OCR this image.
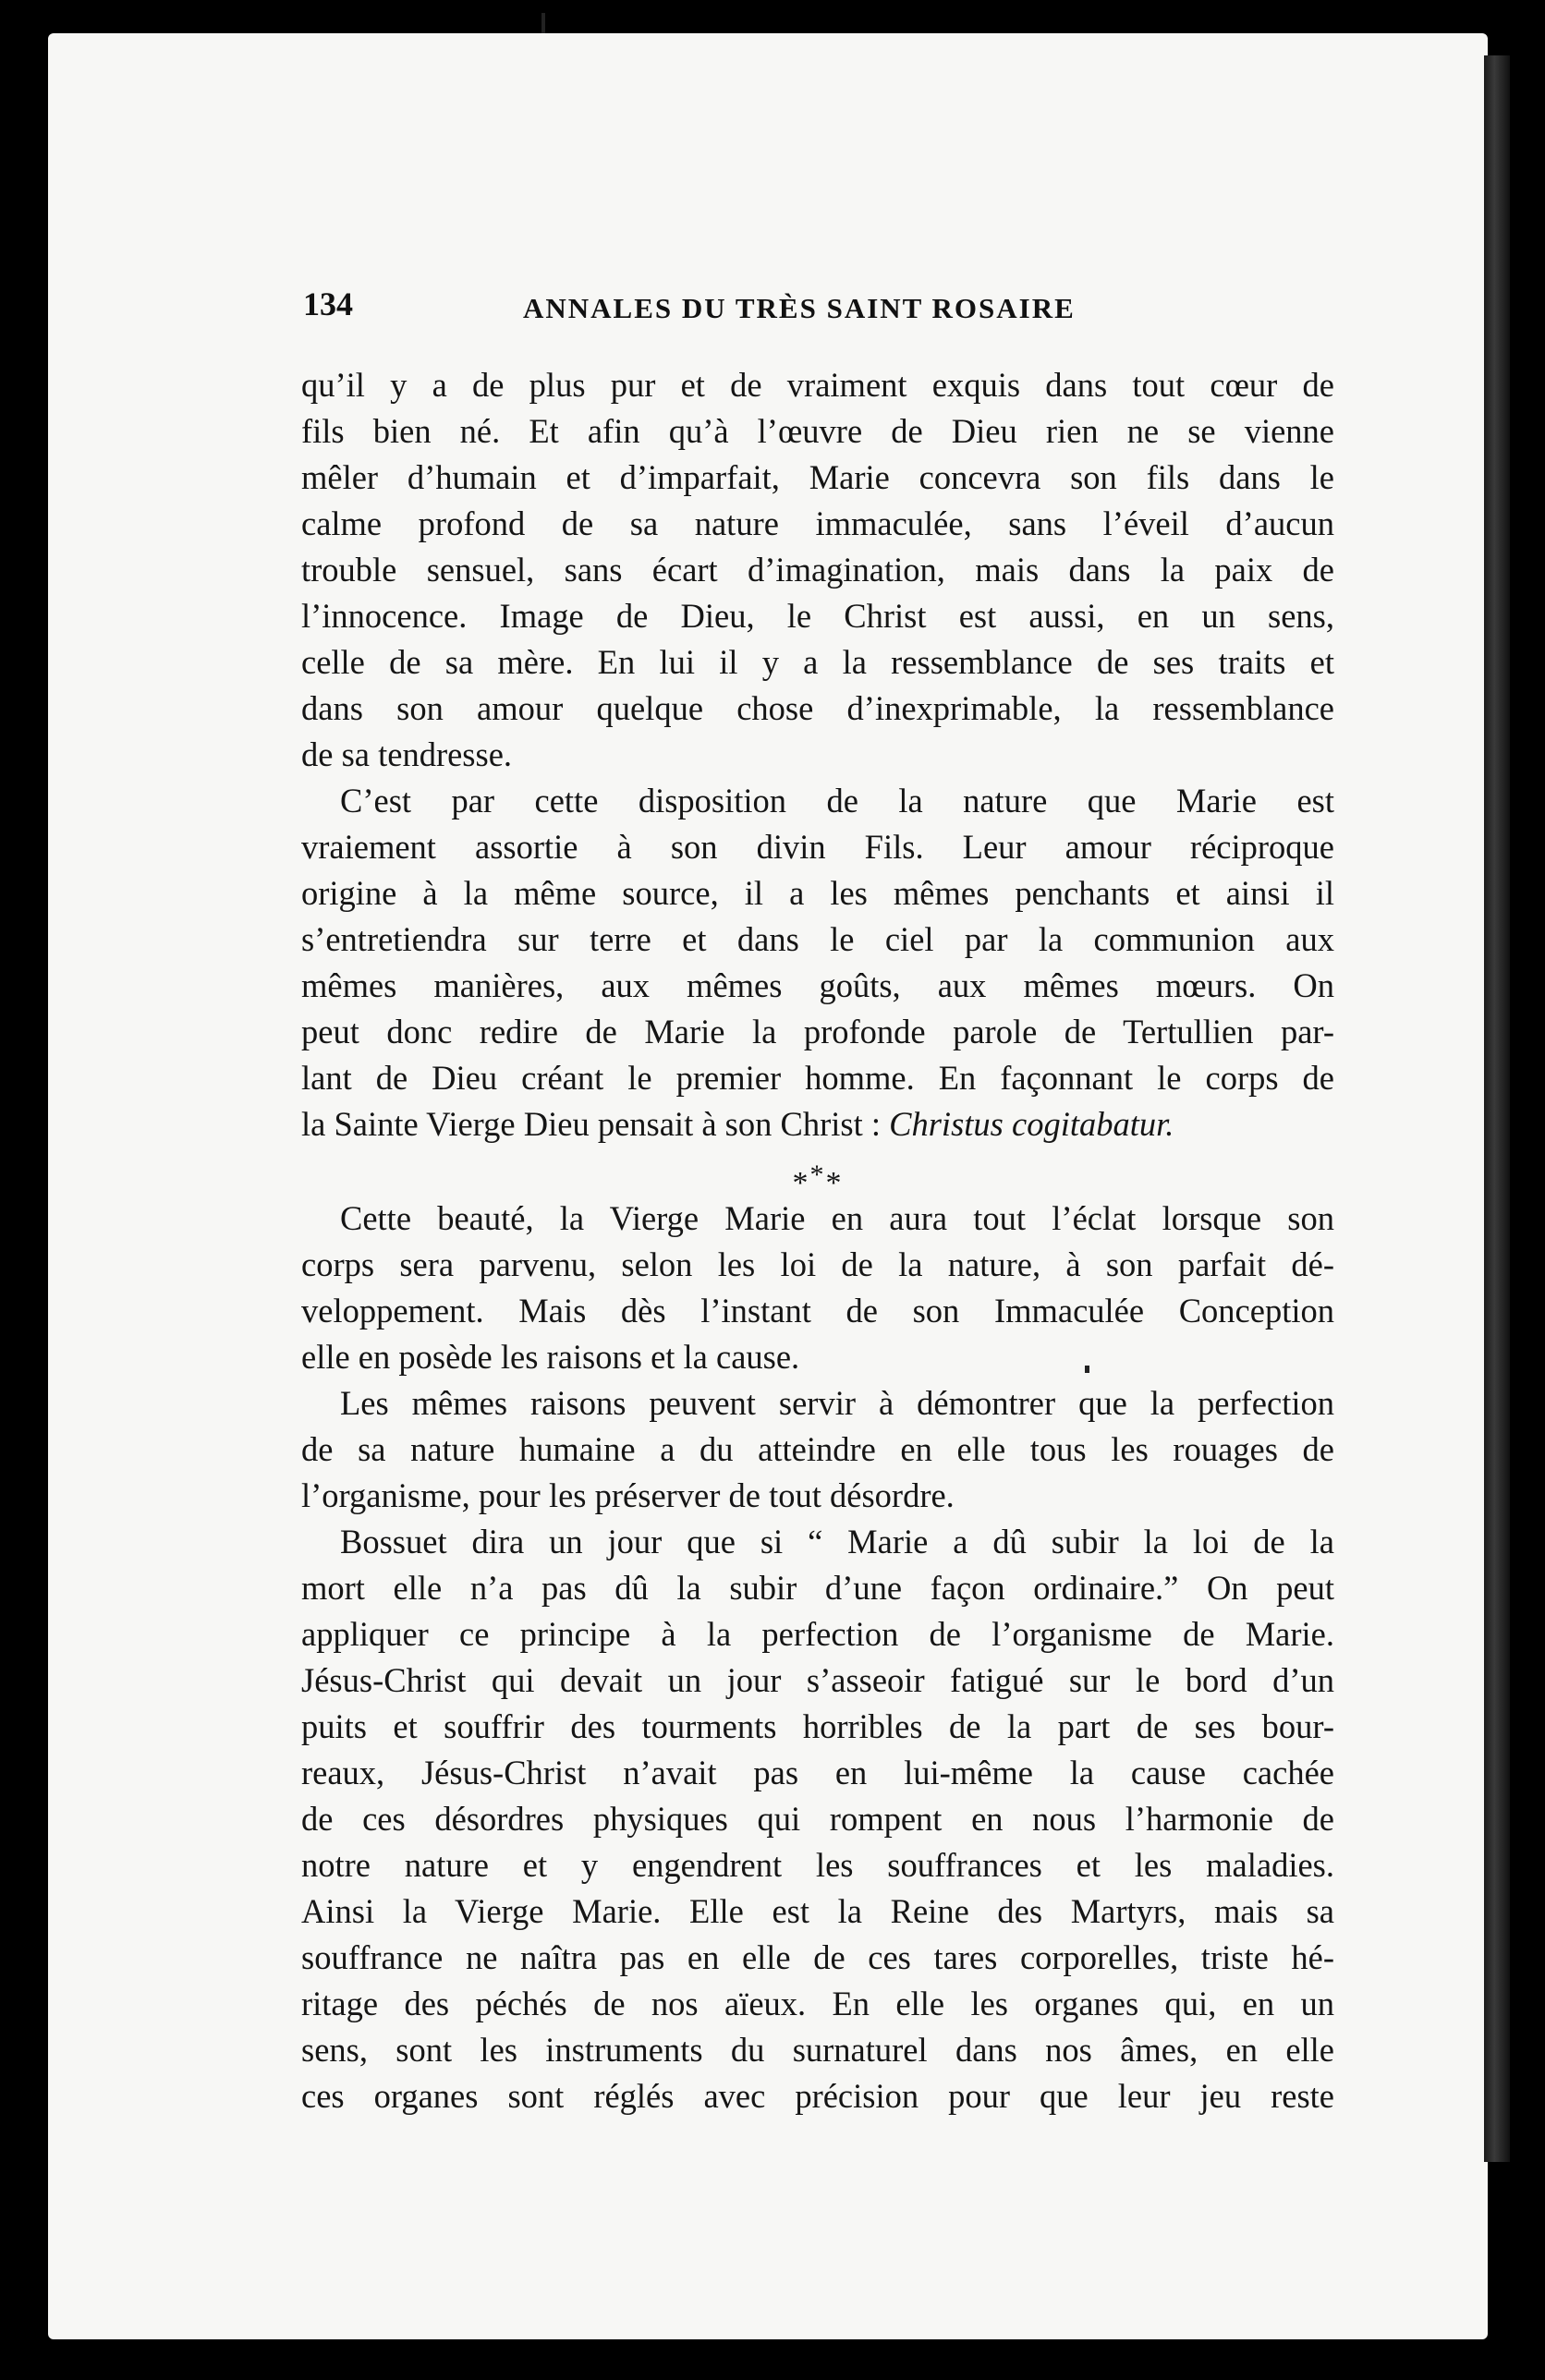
134	ANNALES DU TRÈS SAINT ROSAIRE
qu’il y a de plus pur et de vraiment exquis dans tout cœur de
fils bien né. Et afin qu’à l’œuvre de Dieu rien ne se vienne
mêler d’humain et d’imparfait, Marie concevra son fils dans le
calme profond de sa nature immaculée, sans l’éveil d’aucun
trouble sensuel, sans écart d’imagination, mais dans la paix de
l’innocence. Image de Dieu, le Christ est aussi, en un sens,
celle de sa mère. En lui il y a la ressemblance de ses traits et
dans son amour quelque chose d’inexprimable, la ressemblance
de sa tendresse.
C’est par cette disposition de la nature que Marie est
vraiement assortie à son divin Fils. Leur amour réciproque
origine à la même source, il a les mêmes penchants et ainsi il
s’entretiendra sur terre et dans le ciel par la communion aux
mêmes manières, aux mêmes goûts, aux mêmes mœurs. On
peut donc redire de Marie la profonde parole de Tertullien par-
lant de Dieu créant le premier homme. En façonnant le corps de
la Sainte Vierge Dieu pensait à son Christ : Christus cogitabatur.
***
Cette beauté, la Vierge Marie en aura tout l’éclat lorsque son
corps sera parvenu, selon les loi de la nature, à son parfait dé-
veloppement. Mais dès l’instant de son Immaculée Conception
elle en posède les raisons et la cause.
Les mêmes raisons peuvent servir à démontrer que la perfection
de sa nature humaine a du atteindre en elle tous les rouages de
l’organisme, pour les préserver de tout désordre.
Bossuet dira un jour que si “ Marie a dû subir la loi de la
mort elle n’a pas dû la subir d’une façon ordinaire.” On peut
appliquer ce principe à la perfection de l’organisme de Marie.
Jésus-Christ qui devait un jour s’asseoir fatigué sur le bord d’un
puits et souffrir des tourments horribles de la part de ses bour-
reaux, Jésus-Christ n’avait pas en lui-même la cause cachée
de ces désordres physiques qui rompent en nous l’harmonie de
notre nature et y engendrent les souffrances et les maladies.
Ainsi la Vierge Marie. Elle est la Reine des Martyrs, mais sa
souffrance ne naîtra pas en elle de ces tares corporelles, triste hé-
ritage des péchés de nos aïeux. En elle les organes qui, en un
sens, sont les instruments du surnaturel dans nos âmes, en elle
ces organes sont réglés avec précision pour que leur jeu reste
